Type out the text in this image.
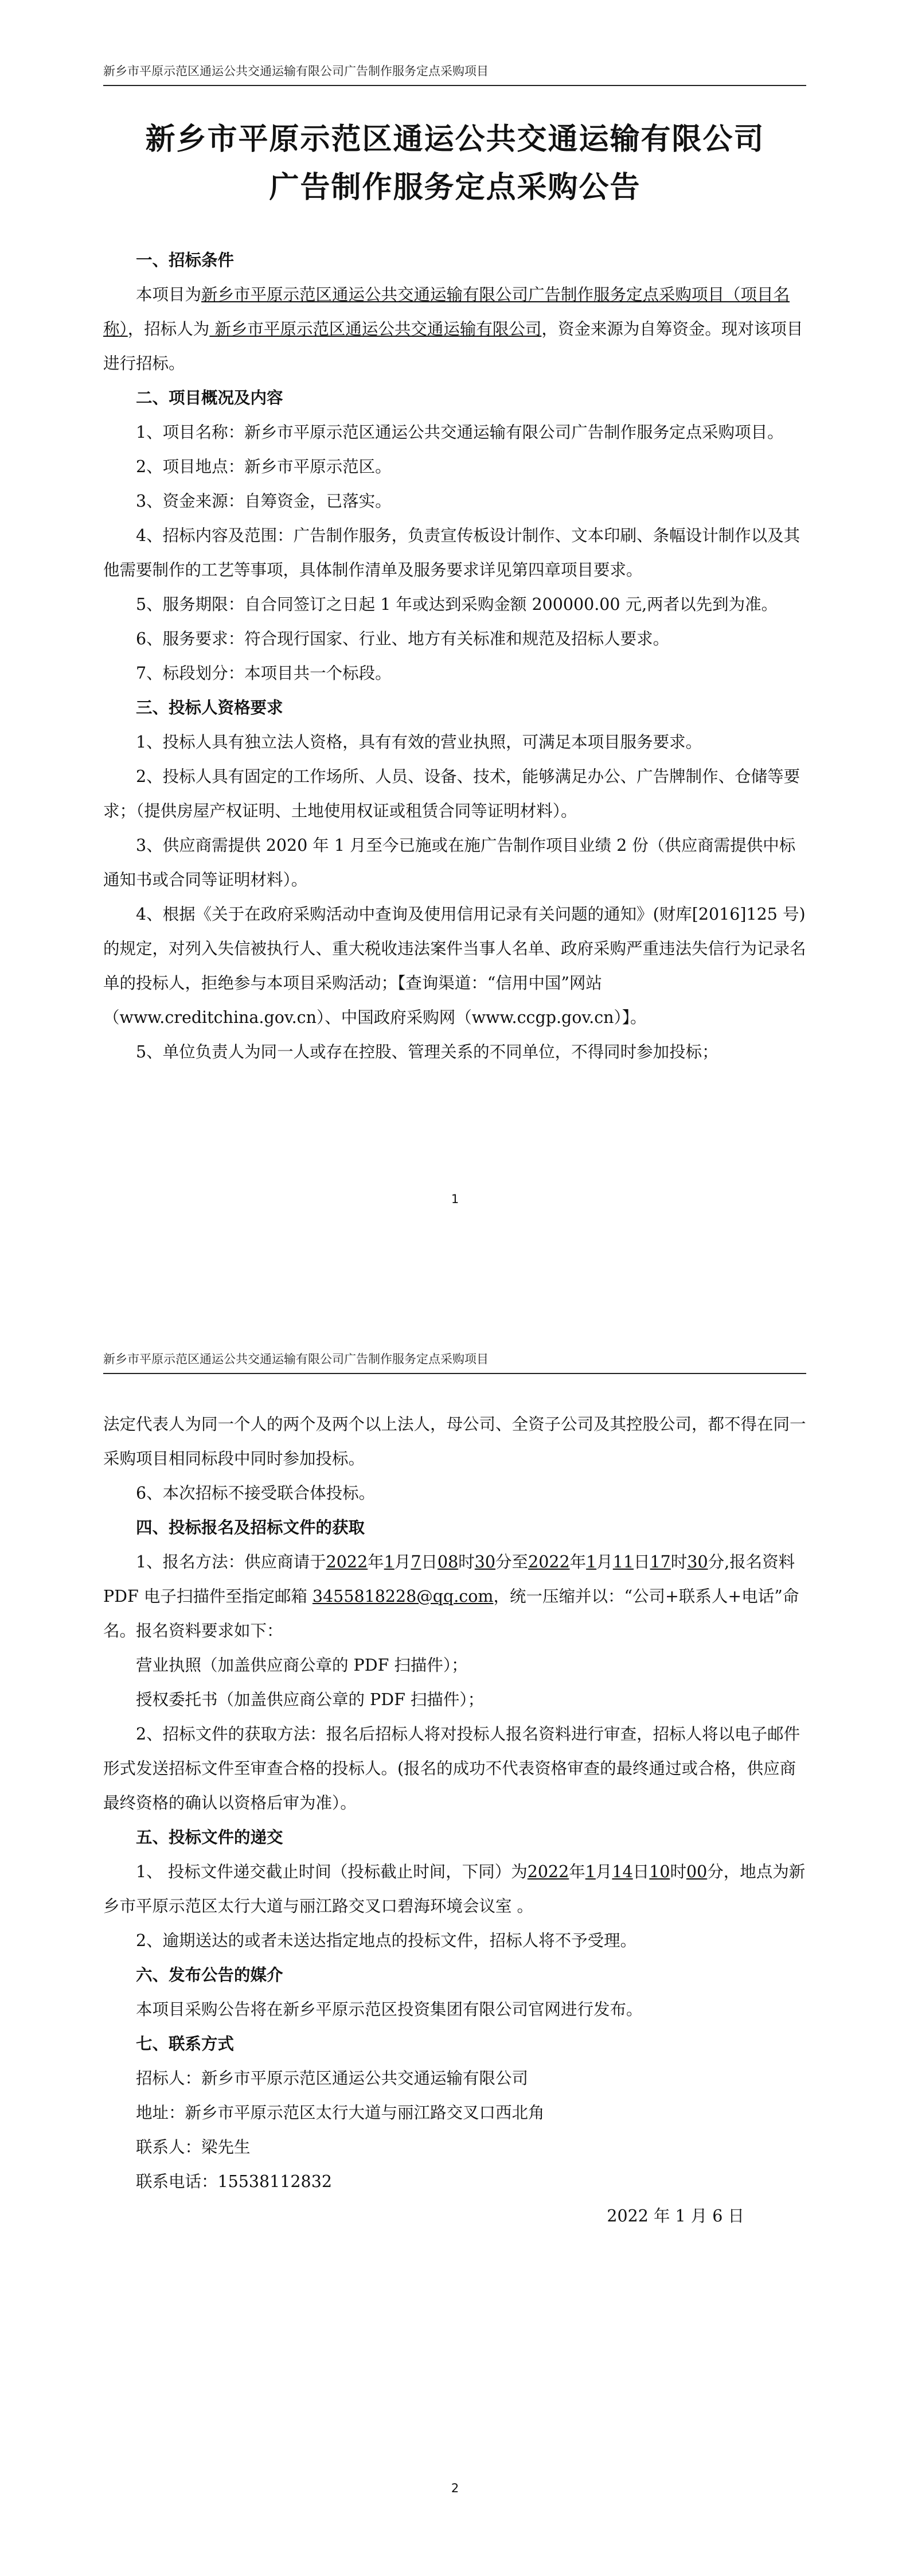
新乡市平原示范区通运公共交通运输有限公司广告制作服务定点采购项目
新乡市平原示范区通运公共交通运输有限公司
广告制作服务定点采购公告

一、招标条件

本项目为新乡市平原示范区通运公共交通运输有限公司广告制作服务定点采购项目（项目名称），招标人为 新乡市平原示范区通运公共交通运输有限公司，资金来源为自筹资金。现对该项目进行招标。

二、项目概况及内容

1、项目名称：新乡市平原示范区通运公共交通运输有限公司广告制作服务定点采购项目。

2、项目地点：新乡市平原示范区。

3、资金来源：自筹资金，已落实。

4、招标内容及范围：广告制作服务，负责宣传板设计制作、文本印刷、条幅设计制作以及其他需要制作的工艺等事项，具体制作清单及服务要求详见第四章项目要求。

5、服务期限：自合同签订之日起 1 年或达到采购金额 200000.00 元,两者以先到为准。

6、服务要求：符合现行国家、行业、地方有关标准和规范及招标人要求。

7、标段划分：本项目共一个标段。

三、投标人资格要求

1、投标人具有独立法人资格，具有有效的营业执照，可满足本项目服务要求。

2、投标人具有固定的工作场所、人员、设备、技术，能够满足办公、广告牌制作、仓储等要求；（提供房屋产权证明、土地使用权证或租赁合同等证明材料）。

3、供应商需提供 2020 年 1 月至今已施或在施广告制作项目业绩 2 份（供应商需提供中标通知书或合同等证明材料）。

4、根据《关于在政府采购活动中查询及使用信用记录有关问题的通知》(财库[2016]125 号)的规定，对列入失信被执行人、重大税收违法案件当事人名单、政府采购严重违法失信行为记录名单的投标人，拒绝参与本项目采购活动；【查询渠道：“信用中国”网站（www.creditchina.gov.cn）、中国政府采购网（www.ccgp.gov.cn）】。

5、单位负责人为同一人或存在控股、管理关系的不同单位，不得同时参加投标；

1
新乡市平原示范区通运公共交通运输有限公司广告制作服务定点采购项目

法定代表人为同一个人的两个及两个以上法人，母公司、全资子公司及其控股公司，都不得在同一采购项目相同标段中同时参加投标。

6、本次招标不接受联合体投标。

四、投标报名及招标文件的获取

1、报名方法：供应商请于2022年1月7日08时30分至2022年1月11日17时30分,报名资料 PDF 电子扫描件至指定邮箱 3455818228@qq.com，统一压缩并以：“公司+联系人+电话”命名。报名资料要求如下：

营业执照（加盖供应商公章的 PDF 扫描件）；

授权委托书（加盖供应商公章的 PDF 扫描件）；

2、招标文件的获取方法：报名后招标人将对投标人报名资料进行审查，招标人将以电子邮件形式发送招标文件至审查合格的投标人。(报名的成功不代表资格审查的最终通过或合格，供应商最终资格的确认以资格后审为准）。

五、投标文件的递交

1、 投标文件递交截止时间（投标截止时间，下同）为2022年1月14日10时00分，地点为新乡市平原示范区太行大道与丽江路交叉口碧海环境会议室 。

2、逾期送达的或者未送达指定地点的投标文件，招标人将不予受理。

六、发布公告的媒介

本项目采购公告将在新乡平原示范区投资集团有限公司官网进行发布。

七、联系方式

招标人：新乡市平原示范区通运公共交通运输有限公司

地址：新乡市平原示范区太行大道与丽江路交叉口西北角

联系人：梁先生

联系电话：15538112832

2022 年 1 月 6 日

2
